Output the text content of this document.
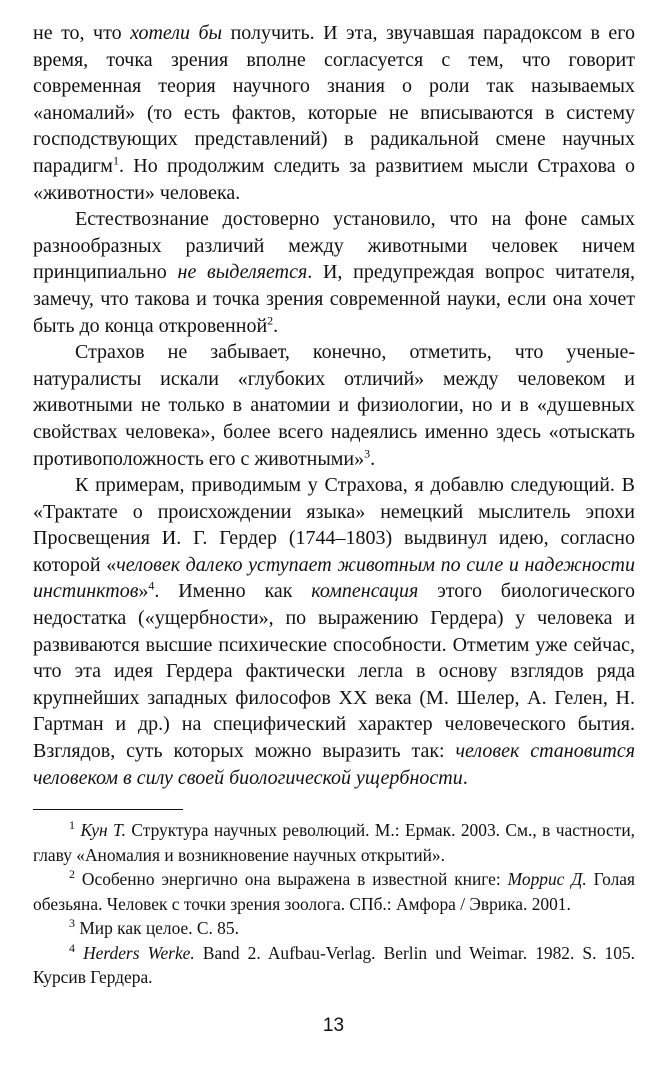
не то, что хотели бы получить. И эта, звучавшая парадоксом в его время, точка зрения вполне согласуется с тем, что говорит современная теория научного знания о роли так называемых «аномалий» (то есть фактов, которые не вписываются в систему господствующих представлений) в радикальной смене научных парадигм$^1$. Но продолжим следить за развитием мысли Страхова о «животности» человека.

Естествознание достоверно установило, что на фоне самых разнообразных различий между животными человек ничем принципиально не выделяется. И, предупреждая вопрос читателя, замечу, что такова и точка зрения современной науки, если она хочет быть до конца откровенной$^2$.

Страхов не забывает, конечно, отметить, что ученые-натуралисты искали «глубоких отличий» между человеком и животными не только в анатомии и физиологии, но и в «душевных свойствах человека», более всего надеялись именно здесь «отыскать противоположность его с животными»$^3$.

К примерам, приводимым у Страхова, я добавлю следующий. В «Трактате о происхождении языка» немецкий мыслитель эпохи Просвещения И. Г. Гердер (1744–1803) выдвинул идею, согласно которой «человек далеко уступает животным по силе и надежности инстинктов»$^4$. Именно как компенсация этого биологического недостатка («ущербности», по выражению Гердера) у человека и развиваются высшие психические способности. Отметим уже сейчас, что эта идея Гердера фактически легла в основу взглядов ряда крупнейших западных философов XX века (М. Шелер, А. Гелен, Н. Гартман и др.) на специфический характер человеческого бытия. Взглядов, суть которых можно выразить так: человек становится человеком в силу своей биологической ущербности.

$^1$ Кун Т. Структура научных революций. М.: Ермак. 2003. См., в частности, главу «Аномалия и возникновение научных открытий».

$^2$ Особенно энергично она выражена в известной книге: Моррис Д. Голая обезьяна. Человек с точки зрения зоолога. СПб.: Амфора / Эврика. 2001.

$^3$ Мир как целое. С. 85.

$^4$ Herders Werke. Band 2. Aufbau-Verlag. Berlin und Weimar. 1982. S. 105. Курсив Гердера.

13
